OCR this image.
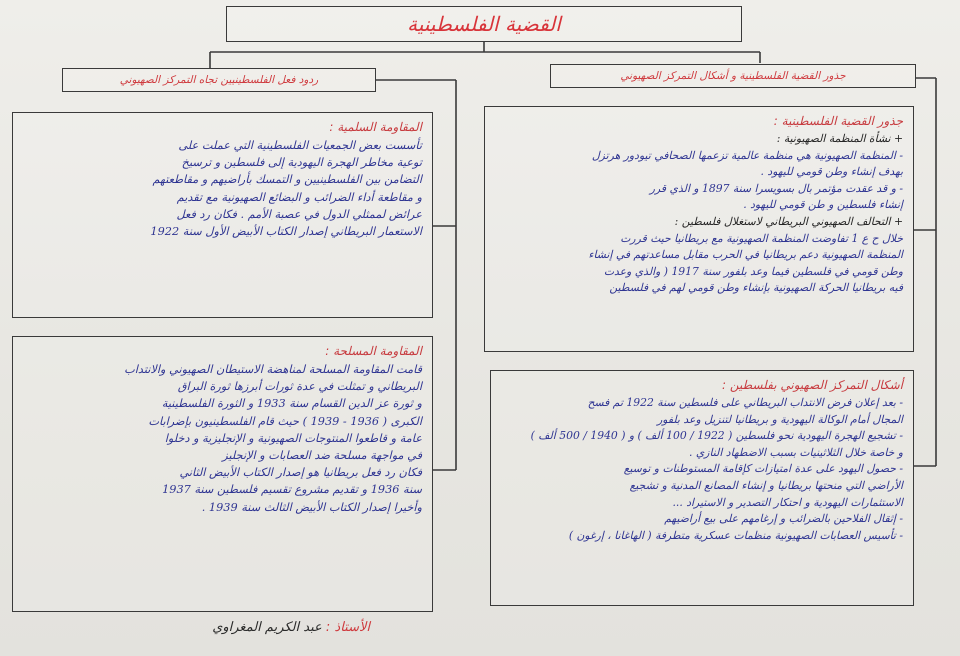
القضية الفلسطينية
جذور القضية الفلسطينية و أشكال التمركز الصهيوني
ردود فعل الفلسطينيين تجاه التمركز الصهيوني
جذور القضية الفلسطينية :

+ نشأة المنظمة الصهيونية :

- المنظمة الصهيونية هي منظمة عالمية تزعمها الصحافي تيودور هرتزل

بهدف إنشاء وطن قومي لليهود .

- و قد عقدت مؤتمر بال بسويسرا سنة 1897 و الذي قرر

إنشاء فلسطين و طن قومي لليهود .

+ التحالف الصهيوني البريطاني لاستغلال فلسطين :

خلال ح ع 1 تفاوضت المنظمة الصهيونية مع بريطانيا حيث قررت

المنظمة الصهيونية دعم بريطانيا في الحرب مقابل مساعدتهم في إنشاء

وطن قومي في فلسطين فيما وعد بلفور سنة 1917 ( والذي وعدت

فيه بريطانيا الحركة الصهيونية بإنشاء وطن قومي لهم في فلسطين

أشكال التمركز الصهيوني بفلسطين :

- بعد إعلان فرض الانتداب البريطاني على فلسطين سنة 1922 تم فسح

المجال أمام الوكالة اليهودية و بريطانيا لتنزيل وعد بلفور

- تشجيع الهجرة اليهودية نحو فلسطين ( 1922 / 100 ألف ) و ( 1940 / 500 ألف )

و خاصة خلال الثلاثينيات بسبب الاضطهاد النازي .

- حصول اليهود على عدة امتيازات كإقامة المستوطنات و توسيع

الأراضي التي منحتها بريطانيا و إنشاء المصانع المدنية و تشجيع

الاستثمارات اليهودية و احتكار التصدير و الاستيراد ...

- إثقال الفلاحين بالضرائب و إرغامهم على بيع أراضيهم

- تأسيس العصابات الصهيونية منظمات عسكرية متطرفة ( الهاغانا ، إرغون )

المقاومة السلمية :

تأسست بعض الجمعيات الفلسطينية التي عملت على

توعية مخاطر الهجرة اليهودية إلى فلسطين و ترسيخ

التضامن بين الفلسطينيين و التمسك بأراضيهم و مقاطعتهم

و مقاطعة أداء الضرائب و البضائع الصهيونية مع تقديم

عرائض لممثلي الدول في عصبة الأمم . فكان رد فعل

الاستعمار البريطاني إصدار الكتاب الأبيض الأول سنة 1922

المقاومة المسلحة :

قامت المقاومة المسلحة لمناهضة الاستيطان الصهيوني والانتداب

البريطاني و تمثلت في عدة ثورات أبرزها ثورة البراق

و ثورة عز الدين القسام سنة 1933 و الثورة الفلسطينية

الكبرى ( 1936 - 1939 ) حيث قام الفلسطينيون بإضرابات

عامة و قاطعوا المنتوجات الصهيونية و الإنجليزية و دخلوا

في مواجهة مسلحة ضد العصابات و الإنجليز

فكان رد فعل بريطانيا هو إصدار الكتاب الأبيض الثاني

سنة 1936 و تقديم مشروع تقسيم فلسطين سنة 1937

وأخيرا إصدار الكتاب الأبيض الثالث سنة 1939 .

الأستاذ : عبد الكريم المغراوي
